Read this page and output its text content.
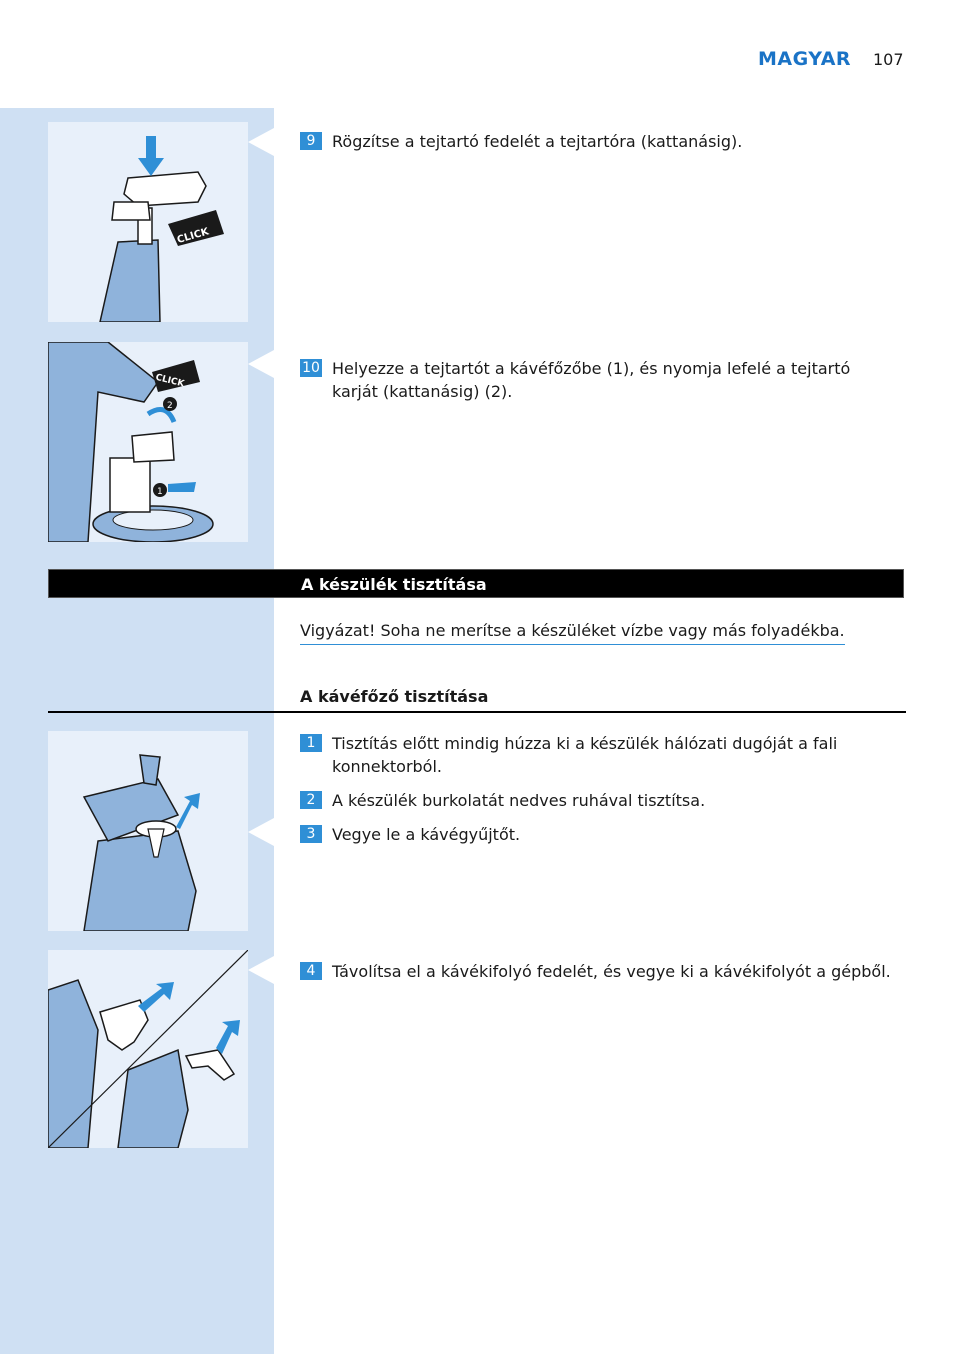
MAGYAR 107
CLICK
CLICK
1
2
9	Rögzítse a tejtartó fedelét a tejtartóra (kattanásig).
10 Helyezze a tejtartót a kávéfőzőbe (1), és nyomja lefelé a tejtartó karját (kattanásig) (2).
A készülék tisztítása
Vigyázat! Soha ne merítse a készüléket vízbe vagy más folyadékba.
A kávéfőző tisztítása
1	Tisztítás előtt mindig húzza ki a készülék hálózati dugóját a fali konnektorból.
2	A készülék burkolatát nedves ruhával tisztítsa.
3	Vegye le a kávégyűjtőt.
4	Távolítsa el a kávékifolyó fedelét, és vegye ki a kávékifolyót a gépből.
